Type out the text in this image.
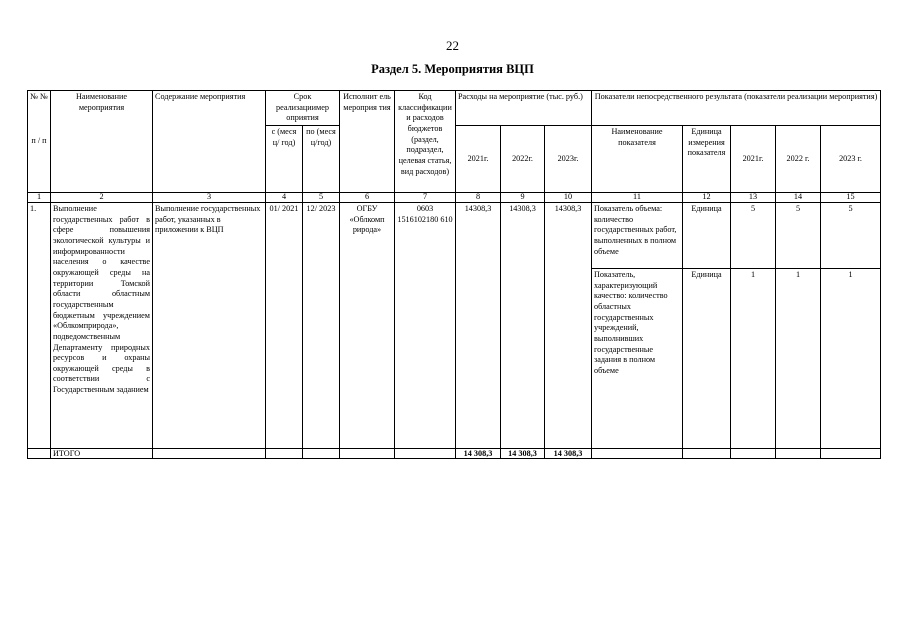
22
Раздел 5. Мероприятия ВЦП
№ №	Наименование мероприятия	Содержание мероприятия	Срок реализациимер оприятия		Исполнит ель мероприя тия	Код классификации и расходов бюджетов (раздел, подраздел, целевая статья, вид расходов)	Расходы на мероприятие (тыс. руб.)			Показатели непосредственного результата (показатели реализации мероприятия)				
			с (меся ц/ год)	по (меся ц/год)			2021г.	2022г.	2023г.	Наименование показателя	Единица измерения показателя	2021г.	2022 г.	2023 г.
п / п														
1	2	3	4	5	6	7	8	9	10	11	12	13	14	15
1.	Выполнение государственных работ в сфере повышения экологической культуры и информированности населения о качестве окружающей среды на территории Томской области областным государственным бюджетным учреждением «Облкомприрода», подведомственным Департаменту природных ресурсов и охраны окружающей среды в соответствии с Государственным заданием	Выполнение государственных работ, указанных в приложении к ВЦП	01/ 2021	12/ 2023	ОГБУ «Облкомп рирода»	0603 1516102180 610	14308,3	14308,3	14308,3	Показатель объема: количество государственных работ, выполненных в полном объеме	Единица	5	5	5
										Показатель, характеризующий качество: количество областных государственных учреждений, выполнивших государственные задания в полном объеме	Единица	1	1	1
	ИТОГО						14 308,3	14 308,3	14 308,3					
